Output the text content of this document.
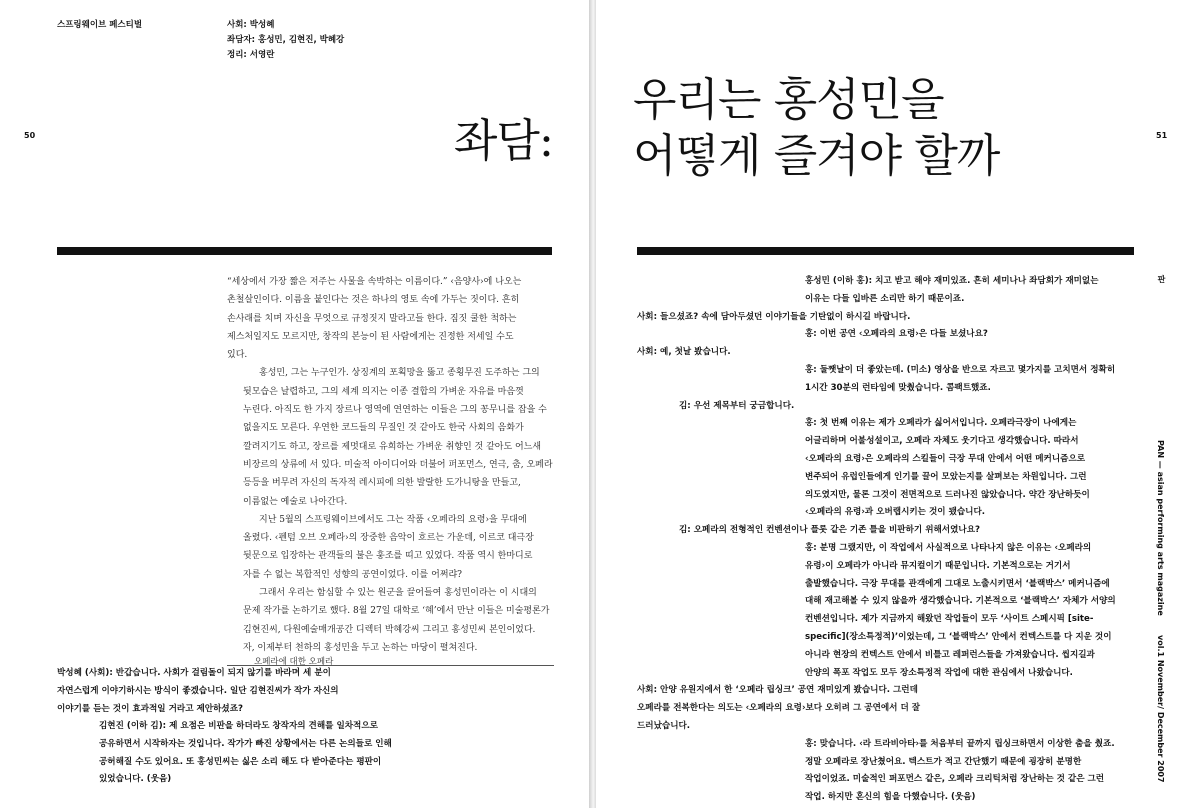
스프링웨이브 페스티벌	사회: 박성혜
좌담자: 홍성민, 김현진, 박혜강
정리: 서영란
50	좌담:

“세상에서 가장 짧은 저주는 사물을 속박하는 이름이다.” ‹음양사›에 나오는
촌철살인이다. 이름을 붙인다는 것은 하나의 영토 속에 가두는 짓이다. 흔히
손사래를 치며 자신을 무엇으로 규정짓지 말라고들 한다. 짐짓 쿨한 척하는
제스처일지도 모르지만, 창작의 본능이 된 사람에게는 진정한 저세일 수도
있다.

홍성민, 그는 누구인가. 상징계의 포획망을 뚫고 종횡무진 도주하는 그의
뒷모습은 날렵하고, 그의 세계 의지는 이종 결합의 가벼운 자유를 마음껏
누린다. 아직도 한 가지 장르나 영역에 연연하는 이들은 그의 꽁무니를 잡을 수
없을지도 모른다. 우연한 코드들의 무질인 것 같아도 한국 사회의 음화가
깔려지기도 하고, 장르를 제멋대로 유희하는 가벼운 취향인 것 같아도 어느새
비장르의 상류에 서 있다. 미술적 아이디어와 더불어 퍼포먼스, 연극, 춤, 오페라
등등을 버무려 자신의 독자적 레시피에 의한 발랄한 도가니탕을 만들고,
이름없는 예술로 나아간다.

지난 5월의 스프링웨이브에서도 그는 작품 ‹오페라의 요령›을 무대에
올렸다. ‹펜텀 오브 오페라›의 장중한 음악이 흐르는 가운데, 이르코 대극장
뒷문으로 입장하는 관객들의 불은 훙조를 띠고 있었다. 작품 역시 한마디로
자를 수 없는 복합적인 성향의 공연이었다. 이를 어쩌랴?

그래서 우리는 함심할 수 있는 원군을 끌어들여 홍성민이라는 이 시대의
문제 작가를 논하기로 했다. 8월 27일 대학로 ‘혜’에서 만난 이들은 미술평론가
김현진씨, 다원예술매개공간 디렉터 박혜강씨 그리고 홍성민씨 본인이었다.
자, 이제부터 천하의 홍성민을 두고 논하는 마당이 펼쳐진다.

오페라에 대한 오페라
박성혜 (사회): 반갑습니다. 사회가 걸림돌이 되지 않기를 바라며 세 분이
자연스럽게 이야기하시는 방식이 좋겠습니다. 일단 김현진씨가 작가 자신의
이야기를 듣는 것이 효과적일 거라고 제안하셨죠?
김현진 (이하 김): 제 요점은 비판을 하더라도 창작자의 견해를 일차적으로
공유하면서 시작하자는 것입니다. 작가가 빠진 상황에서는 다른 논의들로 인해
공허해질 수도 있어요. 또 홍성민씨는 싫은 소리 해도 다 받아준다는 평판이
있었습니다. (웃음)
우리는 홍성민을
어떻게 즐겨야 할까	51
홍성민 (이하 홍): 치고 받고 해야 재미있죠. 흔히 세미나나 좌담회가 재미없는
이유는 다들 입바른 소리만 하기 때문이죠.
사회: 들으셨죠? 속에 담아두셨던 이야기들을 기탄없이 하시길 바랍니다.
홍: 이번 공연 ‹오페라의 요령›은 다들 보셨나요?
사회: 예, 첫날 봤습니다.
홍: 둘쨋날이 더 좋았는데. (미소) 영상을 반으로 자르고 몇가지를 고치면서 정확히
1시간 30분의 런타임에 맞췄습니다. 콤팩트했죠.
김: 우선 제목부터 궁금합니다.
홍: 첫 번째 이유는 제가 오페라가 싫어서입니다. 오페라극장이 나에게는
어글리하며 어불성설이고, 오페라 자체도 웃기다고 생각했습니다. 따라서
‹오페라의 요령›은 오페라의 스킬들이 극장 무대 안에서 어떤 메커니즘으로
변주되어 유럽인들에게 인기를 끌어 모았는지를 살펴보는 차원입니다. 그런
의도였지만, 물론 그것이 전면적으로 드러나진 않았습니다. 약간 장난하듯이
‹오페라의 유령›과 오버랩시키는 것이 됐습니다.
김: 오페라의 전형적인 컨벤션이나 플롯 같은 기존 틀을 비판하기 위해서였나요?
홍: 분명 그랬지만, 이 작업에서 사실적으로 나타나지 않은 이유는 ‹오페라의
유령›이 오페라가 아니라 뮤지컬이기 때문입니다. 기본적으로는 거기서
출발했습니다. 극장 무대를 관객에게 그대로 노출시키면서 ‘블랙박스’ 메커니즘에
대해 재고해볼 수 있지 않을까 생각했습니다. 기본적으로 ‘블랙박스’ 자체가 서양의
컨벤션입니다. 제가 지금까지 해왔던 작업들이 모두 ‘사이트 스페시픽 [site-
specific](장소특정적)’이었는데, 그 ‘블랙박스’ 안에서 컨텍스트를 다 지운 것이
아니라 현장의 컨텍스트 안에서 비틀고 레퍼런스들을 가져왔습니다. 씹지길과
안양의 폭포 작업도 모두 장소특정적 작업에 대한 관심에서 나왔습니다.
사회: 안양 유원지에서 한 ‘오페라 립싱크’ 공연 재미있게 봤습니다. 그런데
오페라를 전복한다는 의도는 ‹오페라의 요령›보다 오히려 그 공연에서 더 잘
드러났습니다.
홍: 맞습니다. ‹라 트라비아타›를 처음부터 끝까지 립싱크하면서 이상한 춤을 췄죠.
정말 오페라로 장난쳤어요. 텍스트가 적고 간단했기 때문에 굉장히 분명한
작업이었죠. 미술적인 퍼포먼스 같은, 오페라 크리틱처럼 장난하는 것 같은 그런
작업. 하지만 혼신의 힘을 다했습니다. (웃음)
판
PAN — asian performing arts magazine
vol.1 November/ December 2007
